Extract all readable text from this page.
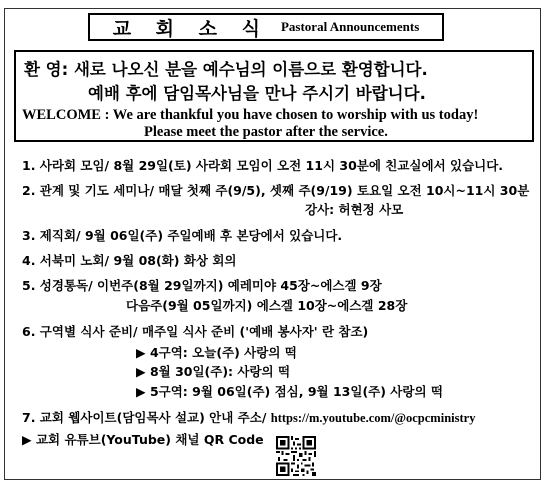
교 회 소 식 Pastoral Announcements
환 영: 새로 나오신 분을 예수님의 이름으로 환영합니다.
예배 후에 담임목사님을 만나 주시기 바랍니다.
WELCOME : We are thankful you have chosen to worship with us today!
Please meet the pastor after the service.
1. 사라회 모임/ 8월 29일(토) 사라회 모임이 오전 11시 30분에 친교실에서 있습니다.
2. 관계 및 기도 세미나/ 매달 첫째 주(9/5), 셋째 주(9/19) 토요일 오전 10시~11시 30분
강사: 허현정 사모
3. 제직회/ 9월 06일(주) 주일예배 후 본당에서 있습니다.
4. 서북미 노회/ 9월 08(화) 화상 회의
5. 성경통독/ 이번주(8월 29일까지) 예레미야 45장~에스겔 9장
다음주(9월 05일까지) 에스겔 10장~에스겔 28장
6. 구역별 식사 준비/ 매주일 식사 준비 ('예배 봉사자' 란 참조)
▶ 4구역: 오늘(주) 사랑의 떡
▶ 8월 30일(주): 사랑의 떡
▶ 5구역: 9월 06일(주) 점심, 9월 13일(주) 사랑의 떡
7. 교회 웹사이트(담임목사 설교) 안내 주소/ https://m.youtube.com/@ocpcministry
▶ 교회 유튜브(YouTube) 채널 QR Code
